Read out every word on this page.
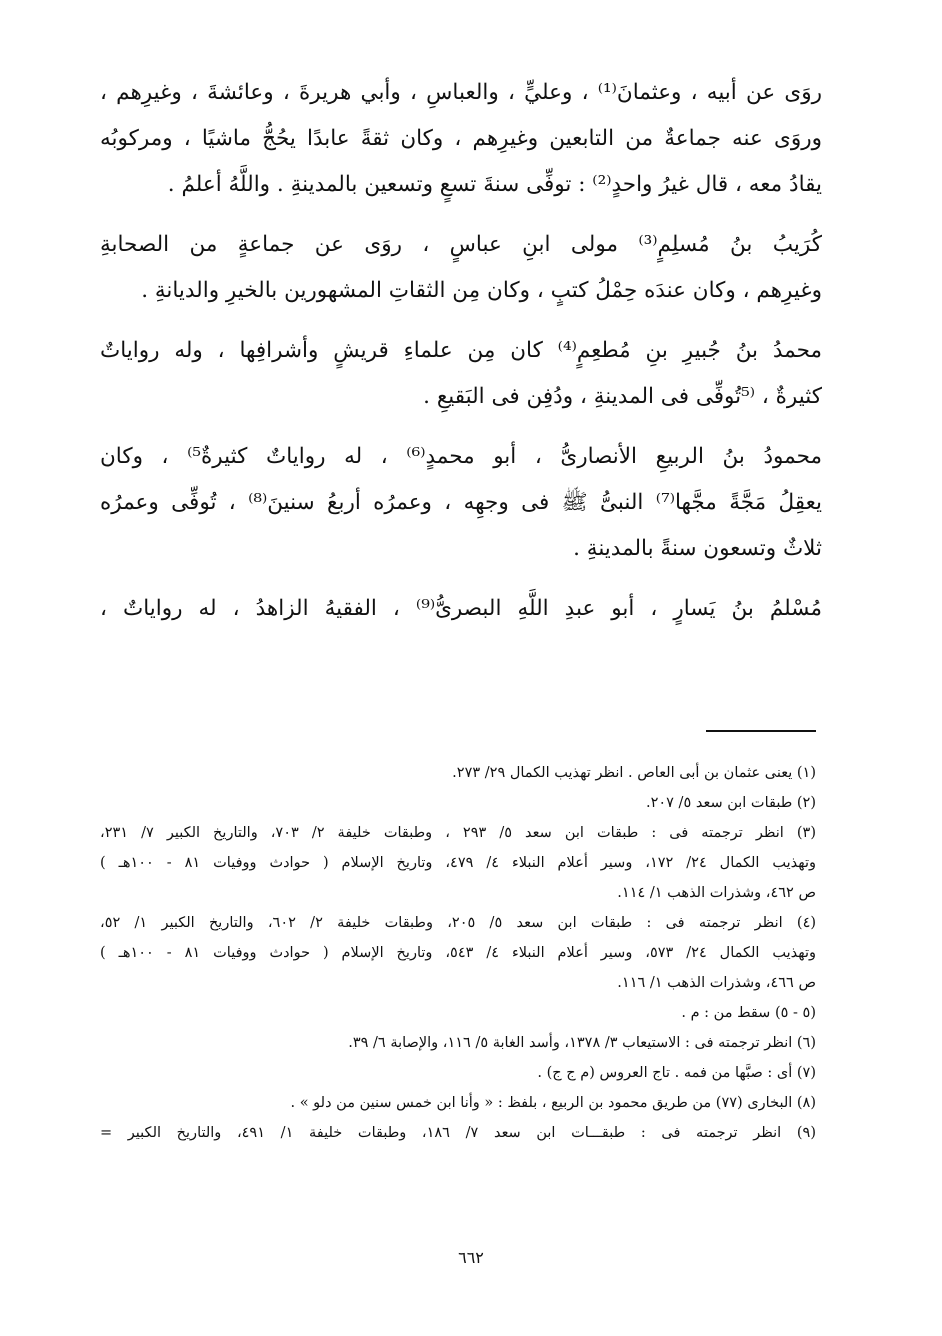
روَى عن أبيه ، وعثمانَ⁽¹⁾ ، وعليٍّ ، والعباسِ ، وأبي هريرةَ ، وعائشةَ ، وغيرِهم ،
وروَى عنه جماعةٌ من التابعين وغيرِهم ، وكان ثقةً عابدًا يحُجُّ ماشيًا ، ومركوبُه
يقادُ معه ، قال غيرُ واحدٍ⁽²⁾ : توفِّى سنةَ تسعٍ وتسعين بالمدينةِ . واللَّهُ أعلمُ .
كُرَيبُ بنُ مُسلِمٍ⁽³⁾ مولى ابنِ عباسٍ ، روَى عن جماعةٍ من الصحابةِ
وغيرِهم ، وكان عندَه حِمْلُ كتبٍ ، وكان مِن الثقاتِ المشهورين بالخيرِ والديانةِ .
محمدُ بنُ جُبيرِ بنِ مُطعِمٍ⁽⁴⁾ كان مِن علماءِ قريشٍ وأشرافِها ، وله رواياتٌ
كثيرةٌ ، ⁽⁵تُوفِّى فى المدينةِ ، ودُفِن فى البَقيعِ .
محمودُ بنُ الربيعِ الأنصارىُّ ، أبو محمدٍ⁽⁶⁾ ، له رواياتٌ كثيرةٌ⁵⁾ ، وكان
يعقِلُ مَجَّةً مجَّها⁽⁷⁾ النبىُّ ﷺ فى وجهِه ، وعمرُه أربعُ سنينَ⁽⁸⁾ ، تُوفِّى وعمرُه
ثلاثٌ وتسعون سنةً بالمدينةِ .
مُسْلمُ بنُ يَسارٍ ، أبو عبدِ اللَّهِ البصرىُّ⁽⁹⁾ ، الفقيهُ الزاهدُ ، له رواياتٌ ،
(١) يعنى عثمان بن أبى العاص . انظر تهذيب الكمال ٢٩/ ٢٧٣.
(٢) طبقات ابن سعد ٥/ ٢٠٧.
(٣) انظر ترجمته فى : طبقات ابن سعد ٥/ ٢٩٣ ، وطبقات خليفة ٢/ ٧٠٣، والتاريخ الكبير ٧/ ٢٣١،
وتهذيب الكمال ٢٤/ ١٧٢، وسير أعلام النبلاء ٤/ ٤٧٩، وتاريخ الإسلام ( حوادث ووفيات ٨١ - ١٠٠هـ )
ص ٤٦٢، وشذرات الذهب ١/ ١١٤.
(٤) انظر ترجمته فى : طبقات ابن سعد ٥/ ٢٠٥، وطبقات خليفة ٢/ ٦٠٢، والتاريخ الكبير ١/ ٥٢،
وتهذيب الكمال ٢٤/ ٥٧٣، وسير أعلام النبلاء ٤/ ٥٤٣، وتاريخ الإسلام ( حوادث ووفيات ٨١ - ١٠٠هـ )
ص ٤٦٦، وشذرات الذهب ١/ ١١٦.
(٥ - ٥) سقط من : م .
(٦) انظر ترجمته فى : الاستيعاب ٣/ ١٣٧٨، وأسد الغابة ٥/ ١١٦، والإصابة ٦/ ٣٩.
(٧) أى : صبَّها من فمه . تاج العروس (م ج ج) .
(٨) البخارى (٧٧) من طريق محمود بن الربيع ، بلفظ : « وأنا ابن خمس سنين من دلو » .
(٩) انظر ترجمته فى : طبقـــات ابن سعد ٧/ ١٨٦، وطبقات خليفة ١/ ٤٩١، والتاريخ الكبير =
٦٦٢
